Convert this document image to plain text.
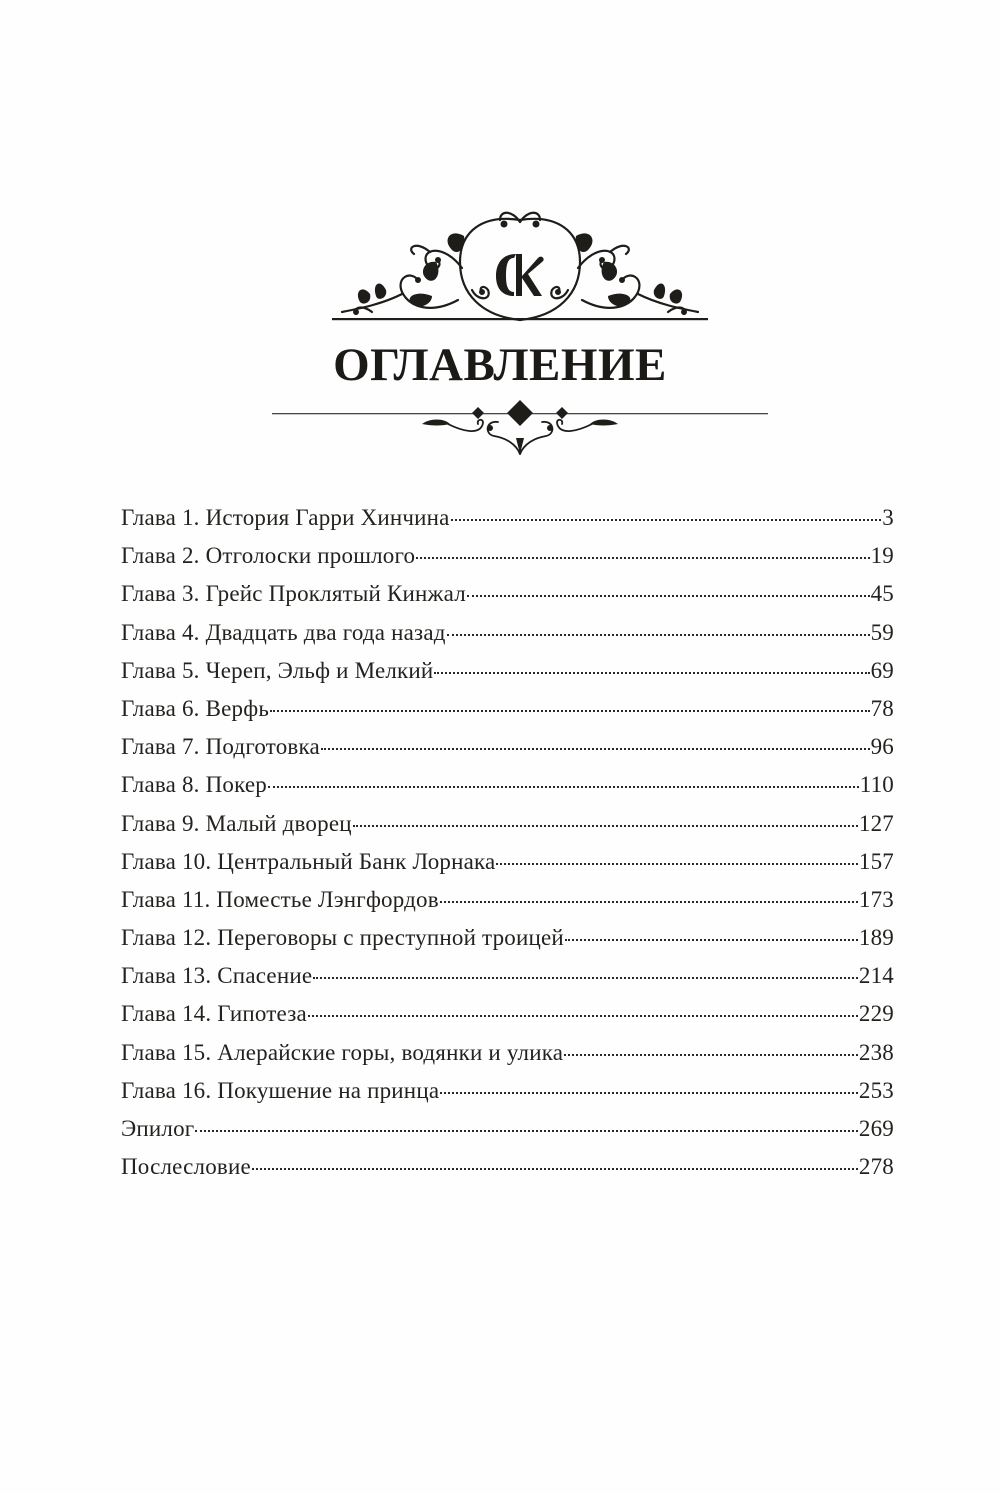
ОГЛАВЛЕНИЕ
Глава 1. История Гарри Хинчина	3
Глава 2. Отголоски прошлого	19
Глава 3. Грейс Проклятый Кинжал	45
Глава 4. Двадцать два года назад	59
Глава 5. Череп, Эльф и Мелкий	69
Глава 6. Верфь	78
Глава 7. Подготовка	96
Глава 8. Покер	110
Глава 9. Малый дворец	127
Глава 10. Центральный Банк Лорнака	157
Глава 11. Поместье Лэнгфордов	173
Глава 12. Переговоры с преступной троицей	189
Глава 13. Спасение	214
Глава 14. Гипотеза	229
Глава 15. Алерайские горы, водянки и улика	238
Глава 16. Покушение на принца	253
Эпилог	269
Послесловие	278
